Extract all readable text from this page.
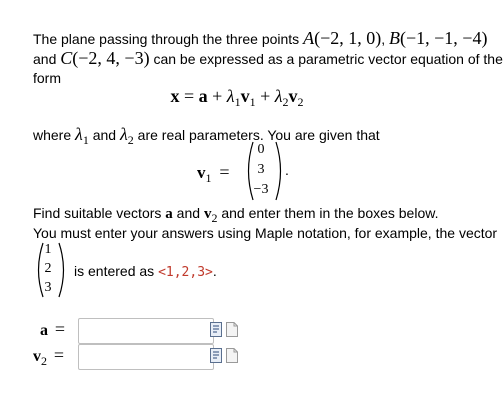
The plane passing through the three points A(−2, 1, 0), B(−1, −1, −4)
and C(−2, 4, −3) can be expressed as a parametric vector equation of the
form
$x = a + \lambda_1v_1 + \lambda_2v_2$
where $\lambda_1$ and $\lambda_2$ are real parameters. You are given that
$v_1$ =
0
3
−3
.
Find suitable vectors a and $v_2$ and enter them in the boxes below.
You must enter your answers using Maple notation, for example, the vector
1
2
3
is entered as <1,2,3>.
a =
$v_2$ =
